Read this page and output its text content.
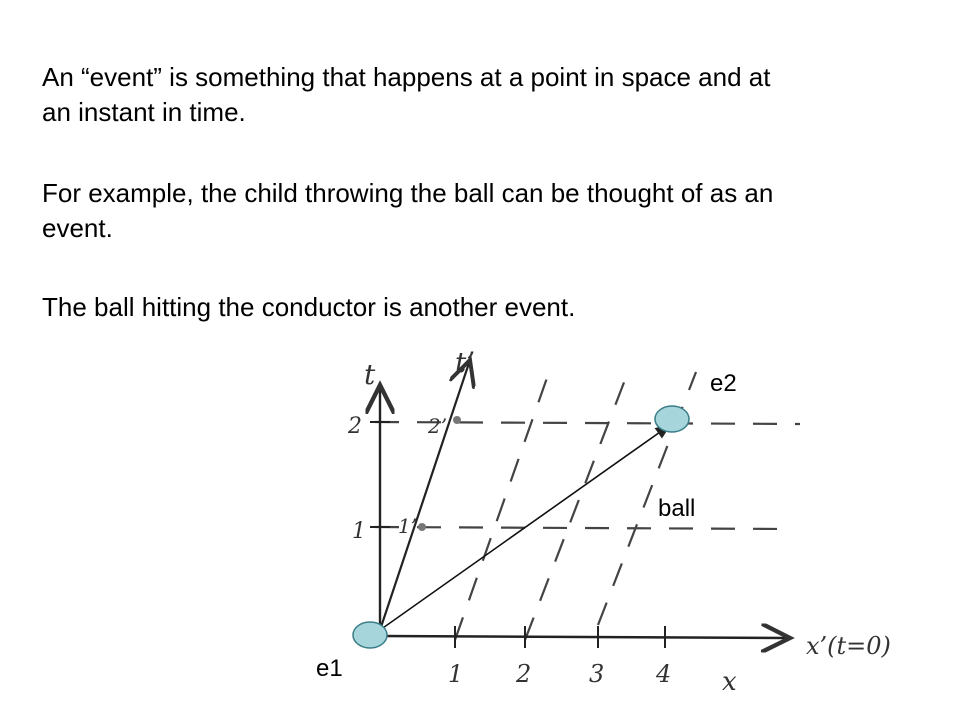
An “event” is something that happens at a point in space and at an instant in time.

For example, the child throwing the ball can be thought of as an event.

The ball hitting the conductor is another event.

t	t’
2
1
2’
1’
1 2 3 4 x
x’(t=0)
e1
e2
ball
